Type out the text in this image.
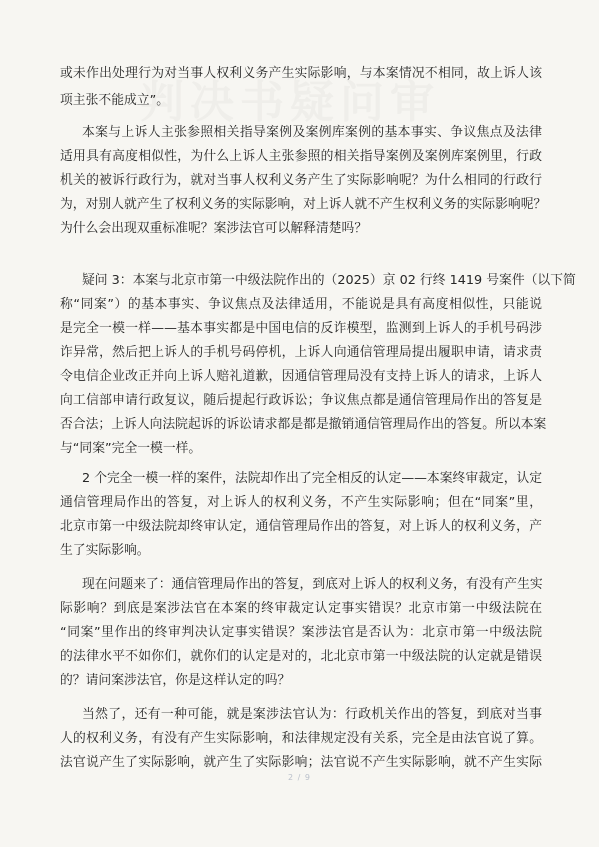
判决书疑问审
或未作出处理行为对当事人权利义务产生实际影响，与本案情况不相同，故上诉人该
项主张不能成立”。
本案与上诉人主张参照相关指导案例及案例库案例的基本事实、争议焦点及法律
适用具有高度相似性，为什么上诉人主张参照的相关指导案例及案例库案例里，行政
机关的被诉行政行为，就对当事人权利义务产生了实际影响呢？为什么相同的行政行
为，对别人就产生了权利义务的实际影响，对上诉人就不产生权利义务的实际影响呢？
为什么会出现双重标准呢？案涉法官可以解释清楚吗？
疑问 3：本案与北京市第一中级法院作出的（2025）京 02 行终 1419 号案件（以下简
称“同案”）的基本事实、争议焦点及法律适用，不能说是具有高度相似性，只能说
是完全一模一样——基本事实都是中国电信的反诈模型，监测到上诉人的手机号码涉
诈异常，然后把上诉人的手机号码停机，上诉人向通信管理局提出履职申请，请求责
令电信企业改正并向上诉人赔礼道歉，因通信管理局没有支持上诉人的请求，上诉人
向工信部申请行政复议，随后提起行政诉讼；争议焦点都是通信管理局作出的答复是
否合法；上诉人向法院起诉的诉讼请求都是都是撤销通信管理局作出的答复。所以本案
与“同案”完全一模一样。
2 个完全一模一样的案件，法院却作出了完全相反的认定——本案终审裁定，认定
通信管理局作出的答复，对上诉人的权利义务，不产生实际影响；但在“同案”里，
北京市第一中级法院却终审认定，通信管理局作出的答复，对上诉人的权利义务，产
生了实际影响。
现在问题来了：通信管理局作出的答复，到底对上诉人的权利义务，有没有产生实
际影响？到底是案涉法官在本案的终审裁定认定事实错误？北京市第一中级法院在
“同案”里作出的终审判决认定事实错误？案涉法官是否认为：北京市第一中级法院
的法律水平不如你们，就你们的认定是对的，北北京市第一中级法院的认定就是错误
的？请问案涉法官，你是这样认定的吗？
当然了，还有一种可能，就是案涉法官认为：行政机关作出的答复，到底对当事
人的权利义务，有没有产生实际影响，和法律规定没有关系，完全是由法官说了算。
法官说产生了实际影响，就产生了实际影响；法官说不产生实际影响，就不产生实际
2 / 9
